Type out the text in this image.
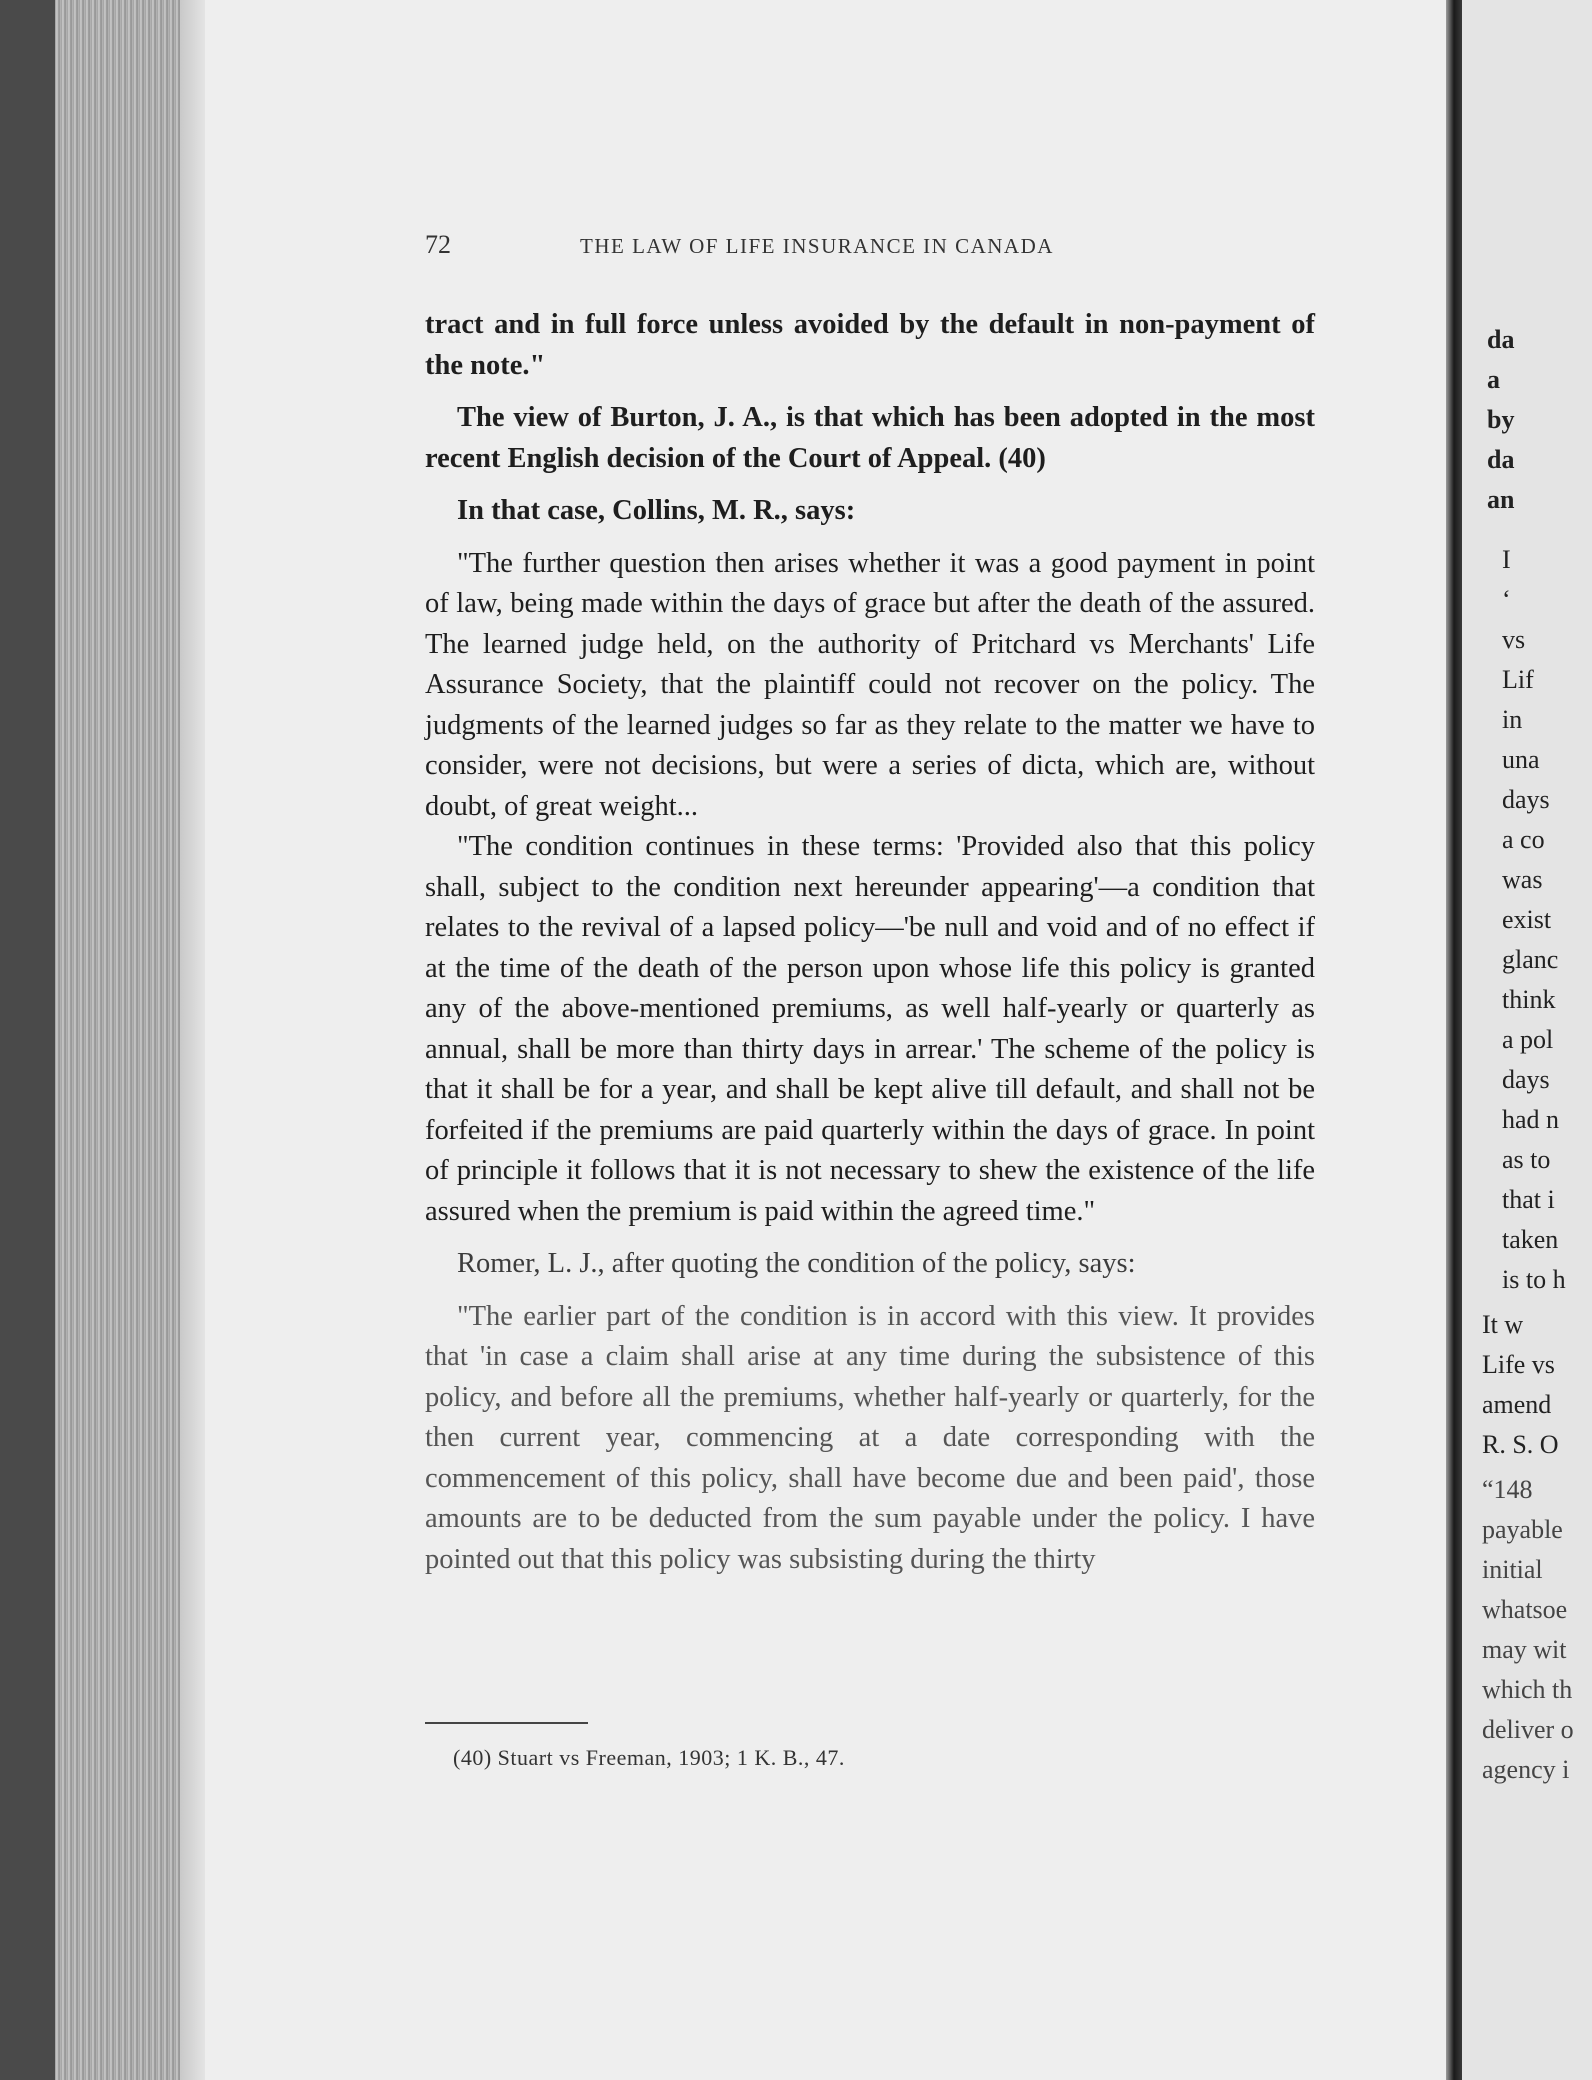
72	THE LAW OF LIFE INSURANCE IN CANADA

tract and in full force unless avoided by the default in non-payment of the note."

The view of Burton, J. A., is that which has been adopted in the most recent English decision of the Court of Appeal. (40)

In that case, Collins, M. R., says:

"The further question then arises whether it was a good payment in point of law, being made within the days of grace but after the death of the assured. The learned judge held, on the authority of Pritchard vs Merchants' Life Assurance Society, that the plaintiff could not recover on the policy. The judgments of the learned judges so far as they relate to the matter we have to consider, were not decisions, but were a series of dicta, which are, without doubt, of great weight...

"The condition continues in these terms: 'Provided also that this policy shall, subject to the condition next hereunder appearing'—a condition that relates to the revival of a lapsed policy—'be null and void and of no effect if at the time of the death of the person upon whose life this policy is granted any of the above-mentioned premiums, as well half-yearly or quarterly as annual, shall be more than thirty days in arrear.' The scheme of the policy is that it shall be for a year, and shall be kept alive till default, and shall not be forfeited if the premiums are paid quarterly within the days of grace. In point of principle it follows that it is not necessary to shew the existence of the life assured when the premium is paid within the agreed time."

Romer, L. J., after quoting the condition of the policy, says:

"The earlier part of the condition is in accord with this view. It provides that 'in case a claim shall arise at any time during the subsistence of this policy, and before all the premiums, whether half-yearly or quarterly, for the then current year, commencing at a date corresponding with the commencement of this policy, shall have become due and been paid', those amounts are to be deducted from the sum payable under the policy. I have pointed out that this policy was subsisting during the thirty

(40) Stuart vs Freeman, 1903; 1 K. B., 47.
da
a
by
da
an
I
‘
vs
Lif
in
una
days
a co
was
exist
glanc
think
a pol
days
had n
as to
that i
taken
is to h
It w
Life vs
amend
R. S. O
“148
payable
initial
whatsoe
may wit
which th
deliver o
agency i
